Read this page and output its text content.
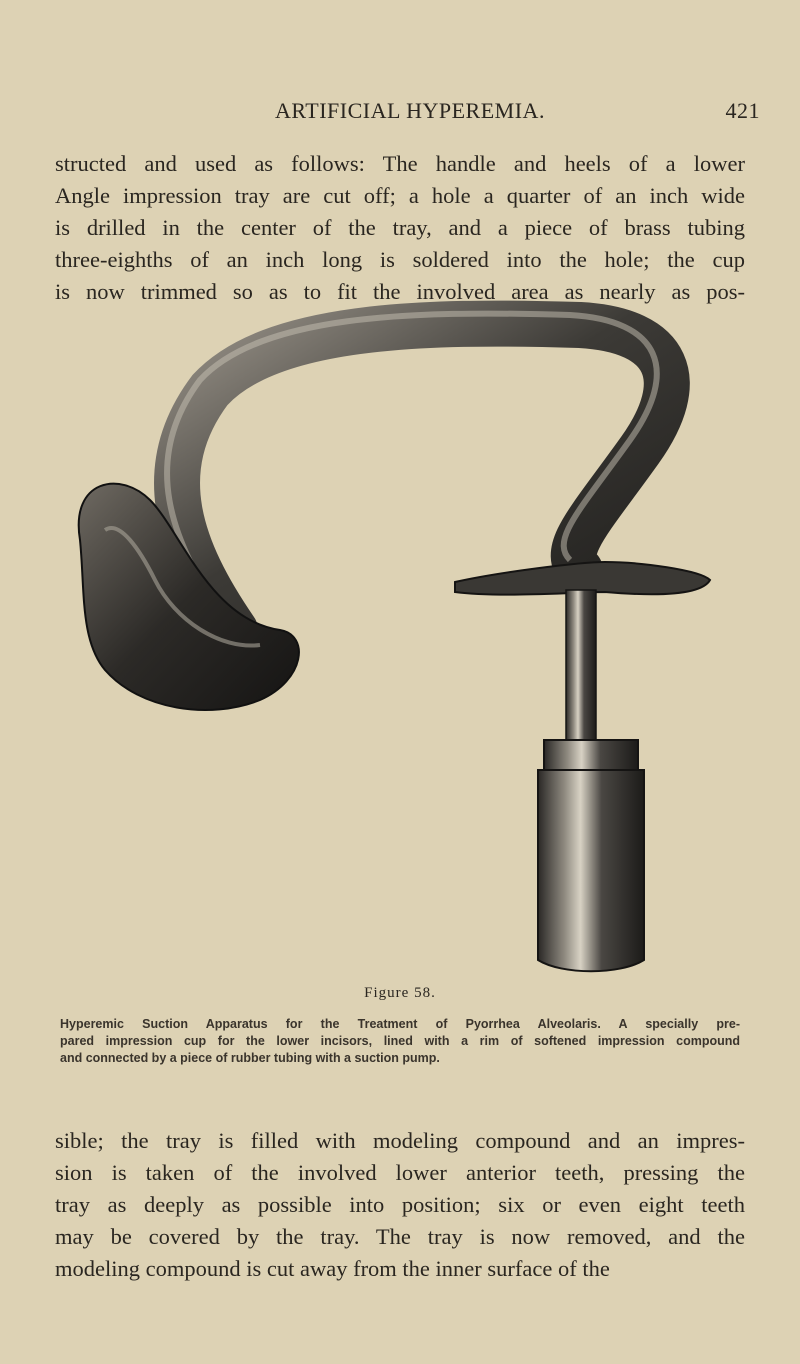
ARTIFICIAL HYPEREMIA.	421
structed and used as follows: The handle and heels of a lower
Angle impression tray are cut off; a hole a quarter of an inch wide
is drilled in the center of the tray, and a piece of brass tubing
three-eighths of an inch long is soldered into the hole; the cup
is now trimmed so as to fit the involved area as nearly as pos-
Figure 58.
Hyperemic Suction Apparatus for the Treatment of Pyorrhea Alveolaris. A specially pre-
pared impression cup for the lower incisors, lined with a rim of softened impression compound
and connected by a piece of rubber tubing with a suction pump.
sible; the tray is filled with modeling compound and an impres-
sion is taken of the involved lower anterior teeth, pressing the
tray as deeply as possible into position; six or even eight teeth
may be covered by the tray. The tray is now removed, and the
modeling compound is cut away from the inner surface of the
